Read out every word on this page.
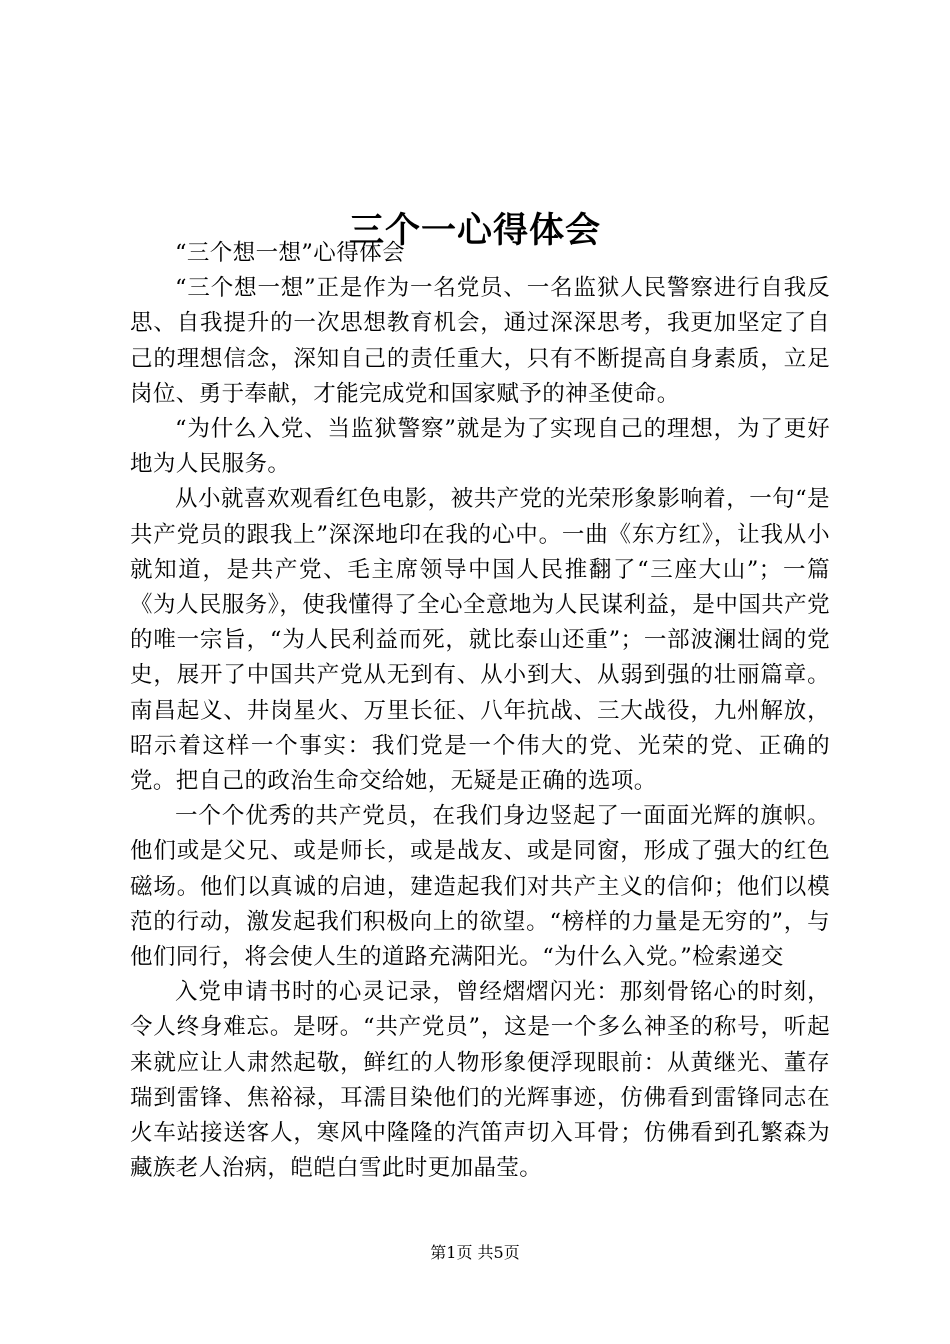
三个一心得体会

“三个想一想”心得体会

“三个想一想”正是作为一名党员、一名监狱人民警察进行自我反思、自我提升的一次思想教育机会，通过深深思考，我更加坚定了自己的理想信念，深知自己的责任重大，只有不断提高自身素质，立足岗位、勇于奉献，才能完成党和国家赋予的神圣使命。

“为什么入党、当监狱警察”就是为了实现自己的理想，为了更好地为人民服务。

从小就喜欢观看红色电影，被共产党的光荣形象影响着，一句“是共产党员的跟我上”深深地印在我的心中。一曲《东方红》，让我从小就知道，是共产党、毛主席领导中国人民推翻了“三座大山”；一篇《为人民服务》，使我懂得了全心全意地为人民谋利益，是中国共产党的唯一宗旨，“为人民利益而死，就比泰山还重”；一部波澜壮阔的党史，展开了中国共产党从无到有、从小到大、从弱到强的壮丽篇章。南昌起义、井岗星火、万里长征、八年抗战、三大战役，九州解放，昭示着这样一个事实：我们党是一个伟大的党、光荣的党、正确的党。把自己的政治生命交给她，无疑是正确的选项。

一个个优秀的共产党员，在我们身边竖起了一面面光辉的旗帜。他们或是父兄、或是师长，或是战友、或是同窗，形成了强大的红色磁场。他们以真诚的启迪，建造起我们对共产主义的信仰；他们以模范的行动，激发起我们积极向上的欲望。“榜样的力量是无穷的”，与他们同行，将会使人生的道路充满阳光。“为什么入党。”检索递交

入党申请书时的心灵记录，曾经熠熠闪光：那刻骨铭心的时刻，令人终身难忘。是呀。“共产党员”，这是一个多么神圣的称号，听起来就应让人肃然起敬，鲜红的人物形象便浮现眼前：从黄继光、董存瑞到雷锋、焦裕禄，耳濡目染他们的光辉事迹，仿佛看到雷锋同志在火车站接送客人，寒风中隆隆的汽笛声切入耳骨；仿佛看到孔繁森为藏族老人治病，皑皑白雪此时更加晶莹。

第1页 共5页
